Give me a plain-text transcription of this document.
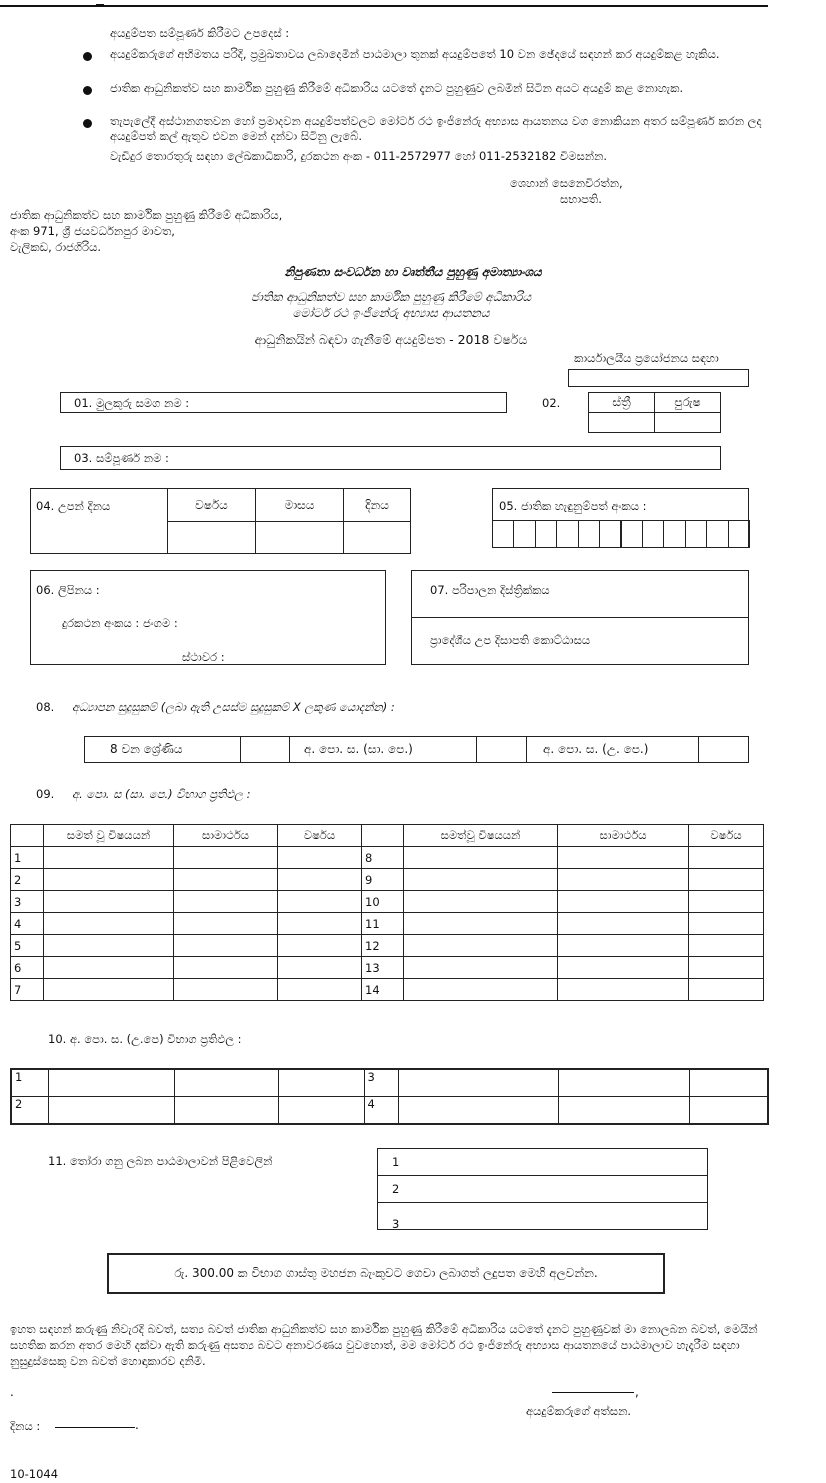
අයදුම්පත සම්පූර්ණ කිරීමට උපදෙස් :
අයදුම්කරුගේ අභිමතය පරිදි, ප්‍රමුඛතාවය ලබාදෙමින් පාඨමාලා තුනක් අයදුම්පතේ 10 වන ඡේදයේ සඳහන් කර අයදුම්කළ හැකිය.
ජාතික ආධුනිකත්ව සහ කාර්මික පුහුණු කිරීමේ අධිකාරිය යටතේ දැනට පුහුණුව ලබමින් සිටින අයට අයදුම් කළ නොහැක.
තැපැලේදී අස්ථානගතවන හෝ ප්‍රමාදවන අයදුම්පත්වලට මෝටර් රථ ඉංජිනේරු අභ්‍යාස ආයතනය වග නොකියන අතර සම්පූර්ණ කරන ලද අයදුම්පත් කල් ඇතුව එවන මෙන් දන්වා සිටිනු ලැබේ.
වැඩිදුර තොරතුරු සඳහා ලේඛකාධිකාරි, දුරකථන අංක - 011-2572977 හෝ 011-2532182 විමසන්න.
ශෙහාන් සෙනෙවිරත්න,
සභාපති.
ජාතික ආධුනිකත්ව සහ කාර්මික පුහුණු කිරීමේ අධිකාරිය,
අංක 971, ශ්‍රී ජයවර්ධනපුර මාවත,
වැලිකඩ, රාජගිරිය.
නිපුණතා සංවර්ධන හා වෘත්තීය පුහුණු අමාත්‍යාංශය
ජාතික ආධුනිකත්ව සහ කාර්මික පුහුණු කිරීමේ අධිකාරිය
මෝටර් රථ ඉංජිනේරු අභ්‍යාස ආයතනය
ආධුනිකයින් බඳවා ගැනීමේ අයදුම්පත - 2018 වර්ෂය
කාර්යාලයීය ප්‍රයෝජනය සඳහා
01. මුලකුරු සමග නම :	02.	ස්ත්‍රී	පුරුෂ
03. සම්පූර්ණ නම :
04. උපන් දිනය	වර්ෂය	මාසය	දිනය	05. ජාතික හැඳුනුම්පත් අංකය :
06. ලිපිනය :
දුරකථන අංකය : ජංගම :
ස්ථාවර :
07. පරිපාලන දිස්ත්‍රික්කය
ප්‍රාදේශීය උප දිසාපති කොට්ඨාසය
08. අධ්‍යාපන සුදුසුකම් (ලබා ඇති උසස්ම සුදුසුකම් X ලකුණ යොදන්න) :
8 වන ශ්‍රේණිය	අ. පො. ස. (සා. පෙ.)	අ. පො. ස. (උ. පෙ.)
09. අ. පො. ස (සා. පෙ.) විභාග ප්‍රතිඵල :
	සමත් වූ විෂයයන්	සාමාර්ථය	වර්ෂය		සමත්වූ විෂයයන්	සාමාර්ථය	වර්ෂය
1				8			
2				9			
3				10			
4				11			
5				12			
6				13			
7				14			
10. අ. පො. ස. (උ.පෙ) විභාග ප්‍රතිඵල :
1				3			
2				4			
11. තෝරා ගනු ලබන පාඨමාලාවන් පිළිවෙලින්	1
2
3
රු. 300.00 ක විභාග ගාස්තු මහජන බැංකුවට ගෙවා ලබාගත් ලදුපත මෙහි අලවන්න.
ඉහත සඳහන් කරුණු නිවැරදි බවත්, සත්‍ය බවත් ජාතික ආධුනිකත්ව සහ කාර්මික පුහුණු කිරීමේ අධිකාරිය යටතේ දැනට පුහුණුවක් මා නොලබන බවත්, මෙයින් සහතික කරන අතර මෙහි දක්වා ඇති කරුණු අසත්‍ය බවට අනාවරණය වුවහොත්, මම මෝටර් රථ ඉංජිනේරු අභ්‍යාස ආයතනයේ පාඨමාලාව හැදෑරීම සඳහා නුසුදුස්සෙකු වන බවත් හොඳාකාරව දනිමි.
.	,
අයදුම්කරුගේ අත්සන.
දිනය :	.
10-1044
